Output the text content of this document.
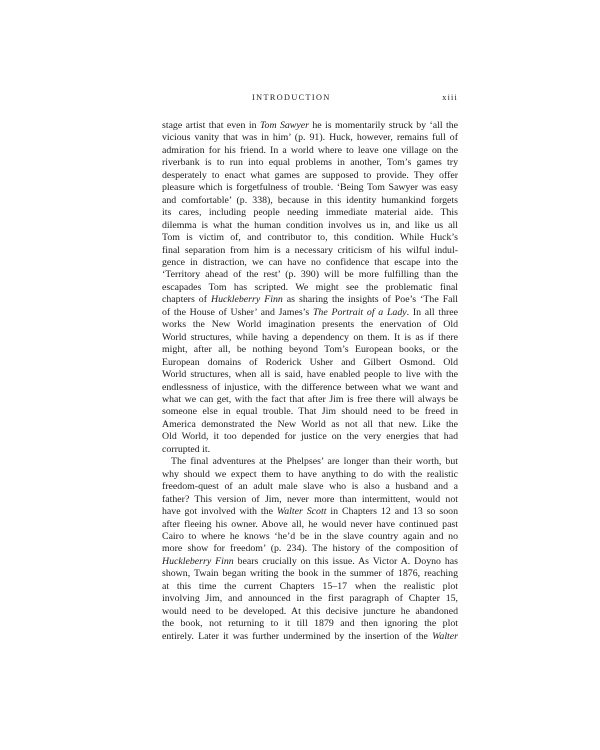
INTRODUCTION	xiii
stage artist that even in Tom Sawyer he is momentarily struck by ‘all the
vicious vanity that was in him’ (p. 91). Huck, however, remains full of
admiration for his friend. In a world where to leave one village on the
riverbank is to run into equal problems in another, Tom’s games try
desperately to enact what games are supposed to provide. They offer
pleasure which is forgetfulness of trouble. ‘Being Tom Sawyer was easy
and comfortable’ (p. 338), because in this identity humankind forgets
its cares, including people needing immediate material aide. This
dilemma is what the human condition involves us in, and like us all
Tom is victim of, and contributor to, this condition. While Huck’s
final separation from him is a necessary criticism of his wilful indul-
gence in distraction, we can have no confidence that escape into the
‘Territory ahead of the rest’ (p. 390) will be more fulfilling than the
escapades Tom has scripted. We might see the problematic final
chapters of Huckleberry Finn as sharing the insights of Poe’s ‘The Fall
of the House of Usher’ and James’s The Portrait of a Lady. In all three
works the New World imagination presents the enervation of Old
World structures, while having a dependency on them. It is as if there
might, after all, be nothing beyond Tom’s European books, or the
European domains of Roderick Usher and Gilbert Osmond. Old
World structures, when all is said, have enabled people to live with the
endlessness of injustice, with the difference between what we want and
what we can get, with the fact that after Jim is free there will always be
someone else in equal trouble. That Jim should need to be freed in
America demonstrated the New World as not all that new. Like the
Old World, it too depended for justice on the very energies that had
corrupted it.
The final adventures at the Phelpses’ are longer than their worth, but
why should we expect them to have anything to do with the realistic
freedom-quest of an adult male slave who is also a husband and a
father? This version of Jim, never more than intermittent, would not
have got involved with the Walter Scott in Chapters 12 and 13 so soon
after fleeing his owner. Above all, he would never have continued past
Cairo to where he knows ‘he’d be in the slave country again and no
more show for freedom’ (p. 234). The history of the composition of
Huckleberry Finn bears crucially on this issue. As Victor A. Doyno has
shown, Twain began writing the book in the summer of 1876, reaching
at this time the current Chapters 15–17 when the realistic plot
involving Jim, and announced in the first paragraph of Chapter 15,
would need to be developed. At this decisive juncture he abandoned
the book, not returning to it till 1879 and then ignoring the plot
entirely. Later it was further undermined by the insertion of the Walter
